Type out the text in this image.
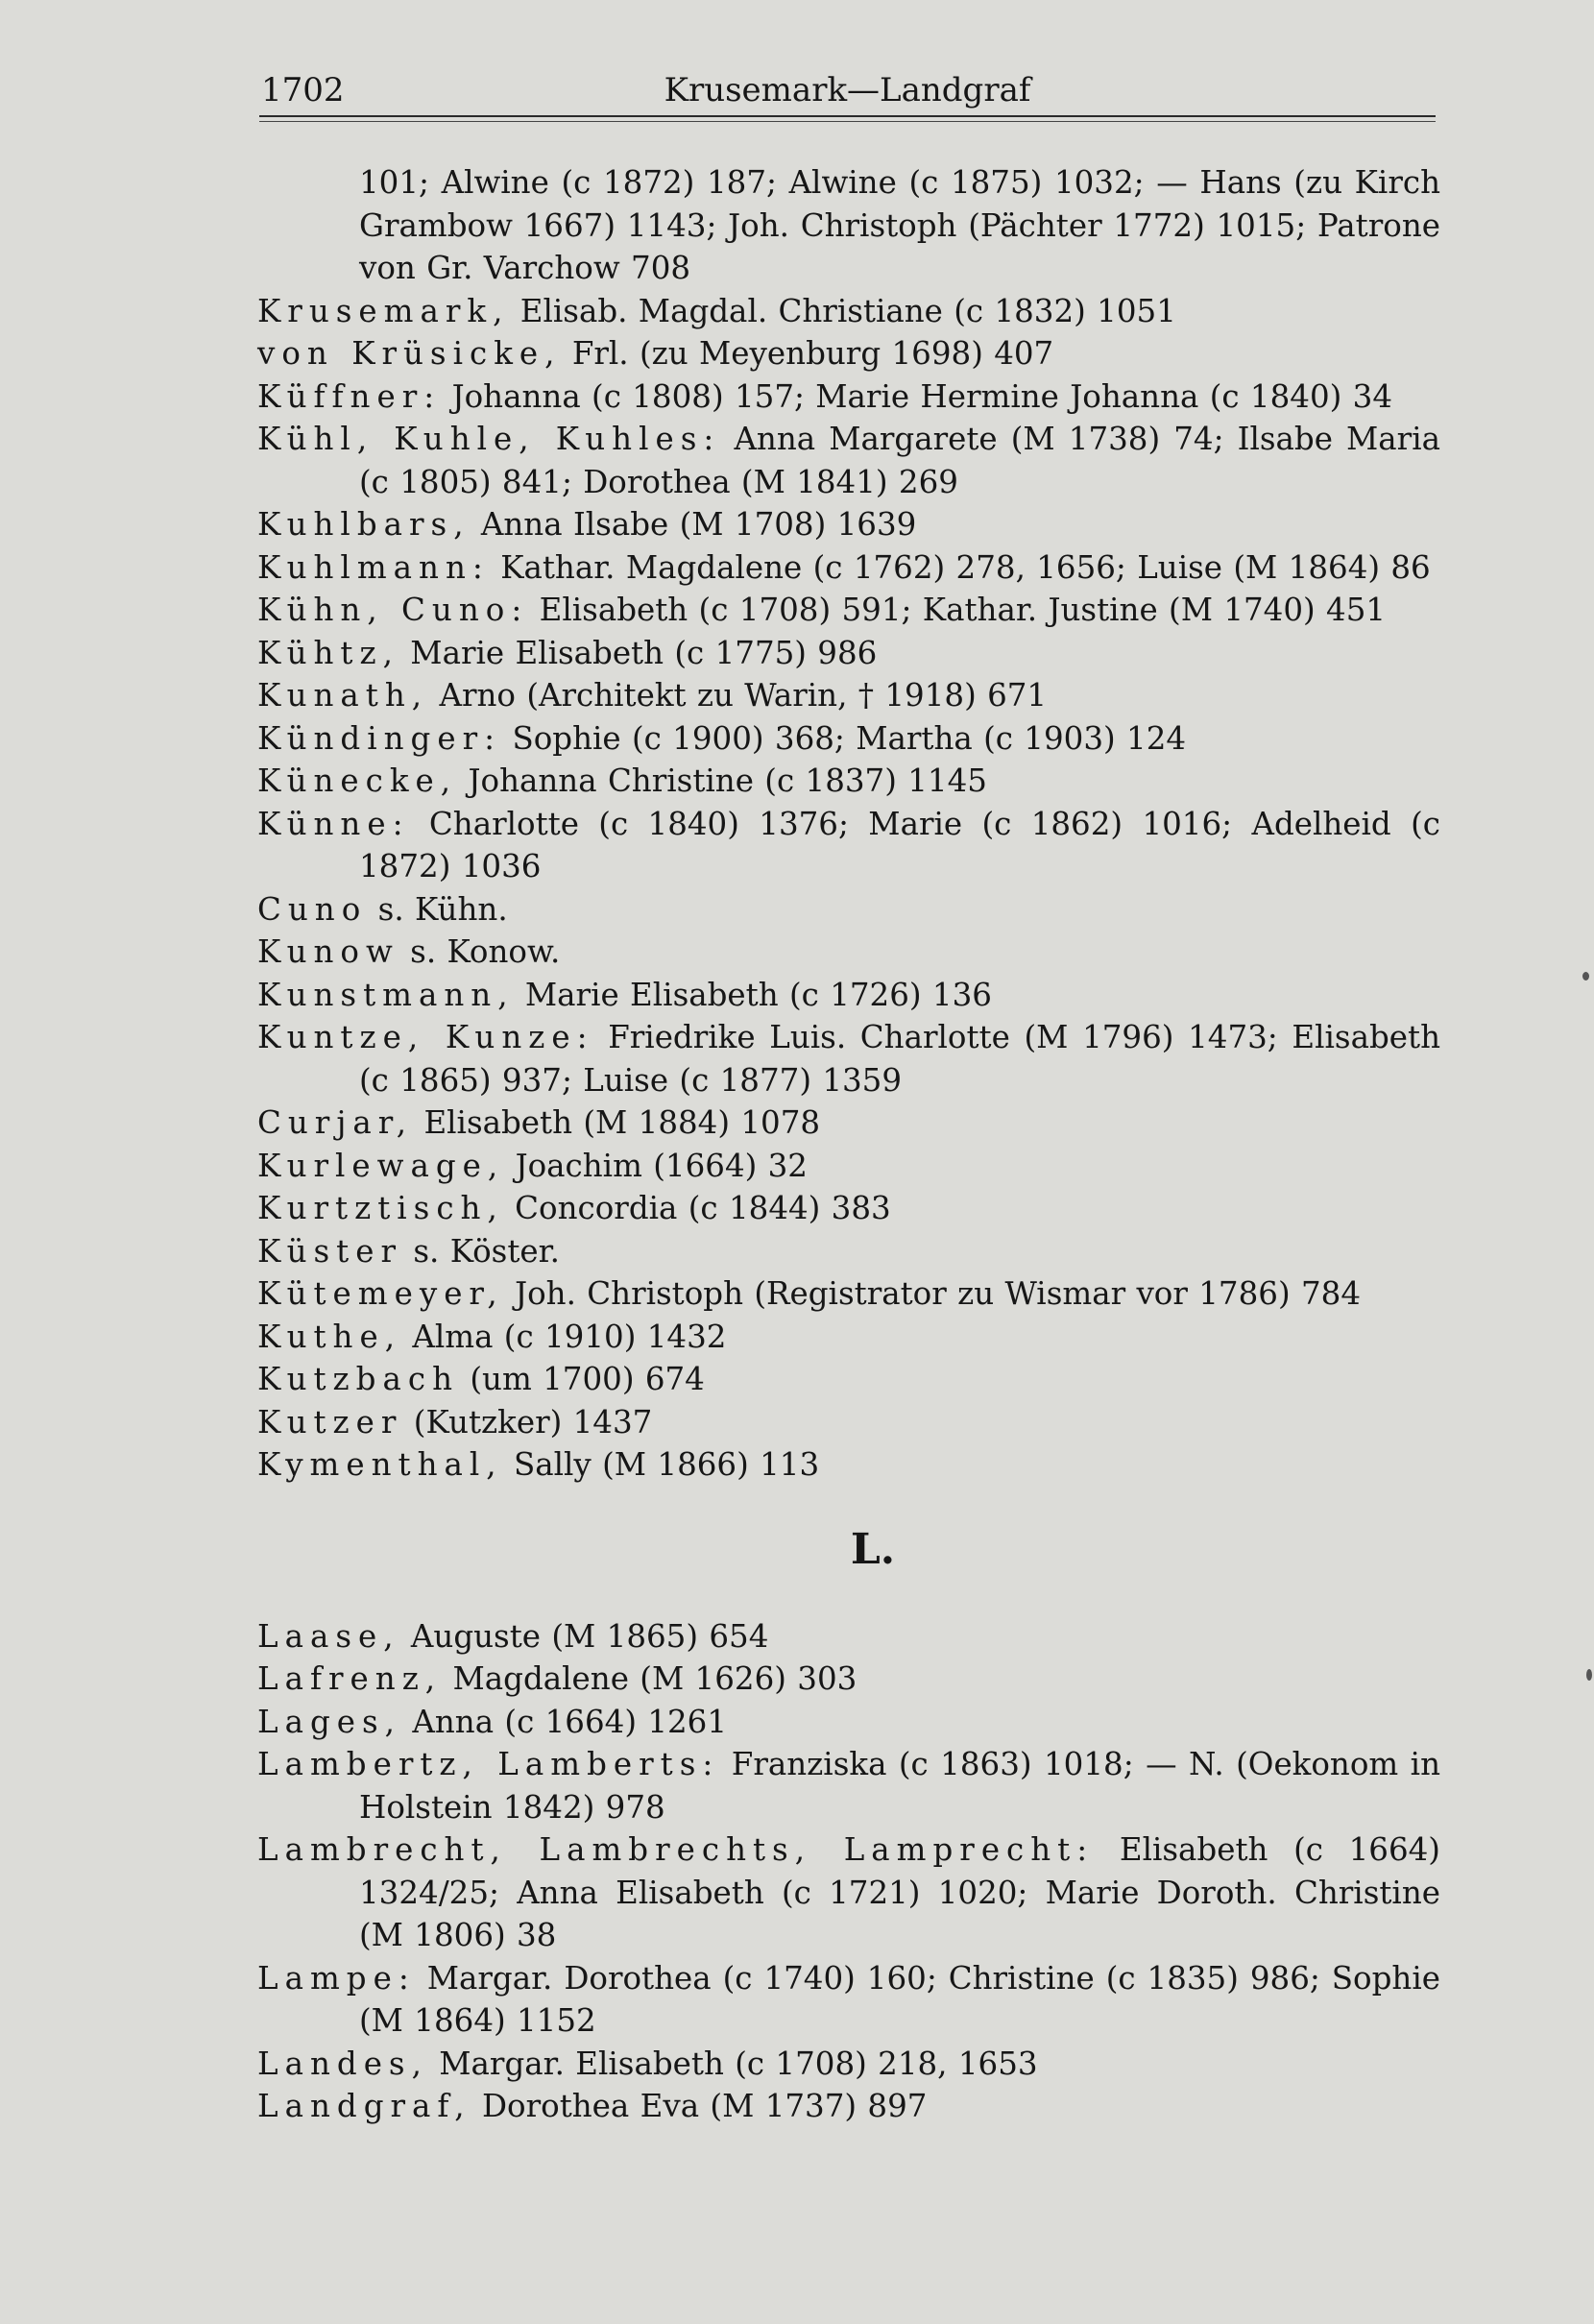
1702	Krusemark—Landgraf
101; Alwine (c 1872) 187; Alwine (c 1875) 1032; — Hans (zu Kirch Grambow 1667) 1143; Joh. Christoph (Pächter 1772) 1015; Patrone von Gr. Varchow 708
Krusemark, Elisab. Magdal. Christiane (c 1832) 1051
von Krüsicke, Frl. (zu Meyenburg 1698) 407
Küffner: Johanna (c 1808) 157; Marie Hermine Johanna (c 1840) 34
Kühl, Kuhle, Kuhles: Anna Margarete (M 1738) 74; Ilsabe Maria (c 1805) 841; Dorothea (M 1841) 269
Kuhlbars, Anna Ilsabe (M 1708) 1639
Kuhlmann: Kathar. Magdalene (c 1762) 278, 1656; Luise (M 1864) 86
Kühn, Cuno: Elisabeth (c 1708) 591; Kathar. Justine (M 1740) 451
Kühtz, Marie Elisabeth (c 1775) 986
Kunath, Arno (Architekt zu Warin, † 1918) 671
Kündinger: Sophie (c 1900) 368; Martha (c 1903) 124
Künecke, Johanna Christine (c 1837) 1145
Künne: Charlotte (c 1840) 1376; Marie (c 1862) 1016; Adelheid (c 1872) 1036
Cuno s. Kühn.
Kunow s. Konow.
Kunstmann, Marie Elisabeth (c 1726) 136
Kuntze, Kunze: Friedrike Luis. Charlotte (M 1796) 1473; Elisabeth (c 1865) 937; Luise (c 1877) 1359
Curjar, Elisabeth (M 1884) 1078
Kurlewage, Joachim (1664) 32
Kurtztisch, Concordia (c 1844) 383
Küster s. Köster.
Kütemeyer, Joh. Christoph (Registrator zu Wismar vor 1786) 784
Kuthe, Alma (c 1910) 1432
Kutzbach (um 1700) 674
Kutzer (Kutzker) 1437
Kymenthal, Sally (M 1866) 113
L.
Laase, Auguste (M 1865) 654
Lafrenz, Magdalene (M 1626) 303
Lages, Anna (c 1664) 1261
Lambertz, Lamberts: Franziska (c 1863) 1018; — N. (Oekonom in Holstein 1842) 978
Lambrecht, Lambrechts, Lamprecht: Elisabeth (c 1664) 1324/25; Anna Elisabeth (c 1721) 1020; Marie Doroth. Christine (M 1806) 38
Lampe: Margar. Dorothea (c 1740) 160; Christine (c 1835) 986; Sophie (M 1864) 1152
Landes, Margar. Elisabeth (c 1708) 218, 1653
Landgraf, Dorothea Eva (M 1737) 897
